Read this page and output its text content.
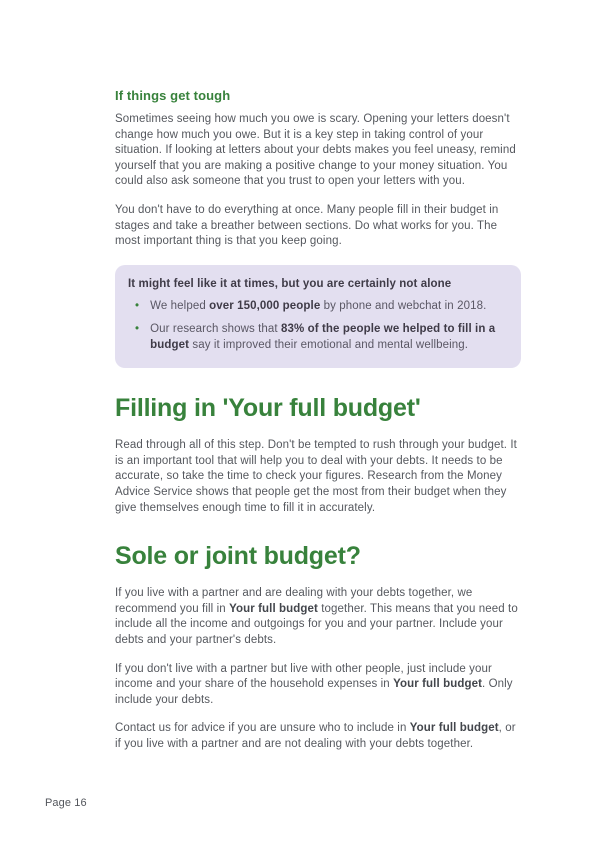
If things get tough

Sometimes seeing how much you owe is scary. Opening your letters doesn't change how much you owe. But it is a key step in taking control of your situation. If looking at letters about your debts makes you feel uneasy, remind yourself that you are making a positive change to your money situation. You could also ask someone that you trust to open your letters with you.

You don't have to do everything at once. Many people fill in their budget in stages and take a breather between sections. Do what works for you. The most important thing is that you keep going.

It might feel like it at times, but you are certainly not alone

• We helped over 150,000 people by phone and webchat in 2018.
• Our research shows that 83% of the people we helped to fill in a budget say it improved their emotional and mental wellbeing.
Filling in 'Your full budget'

Read through all of this step. Don't be tempted to rush through your budget. It is an important tool that will help you to deal with your debts. It needs to be accurate, so take the time to check your figures. Research from the Money Advice Service shows that people get the most from their budget when they give themselves enough time to fill it in accurately.

Sole or joint budget?

If you live with a partner and are dealing with your debts together, we recommend you fill in Your full budget together. This means that you need to include all the income and outgoings for you and your partner. Include your debts and your partner's debts.

If you don't live with a partner but live with other people, just include your income and your share of the household expenses in Your full budget. Only include your debts.

Contact us for advice if you are unsure who to include in Your full budget, or if you live with a partner and are not dealing with your debts together.

Page 16
